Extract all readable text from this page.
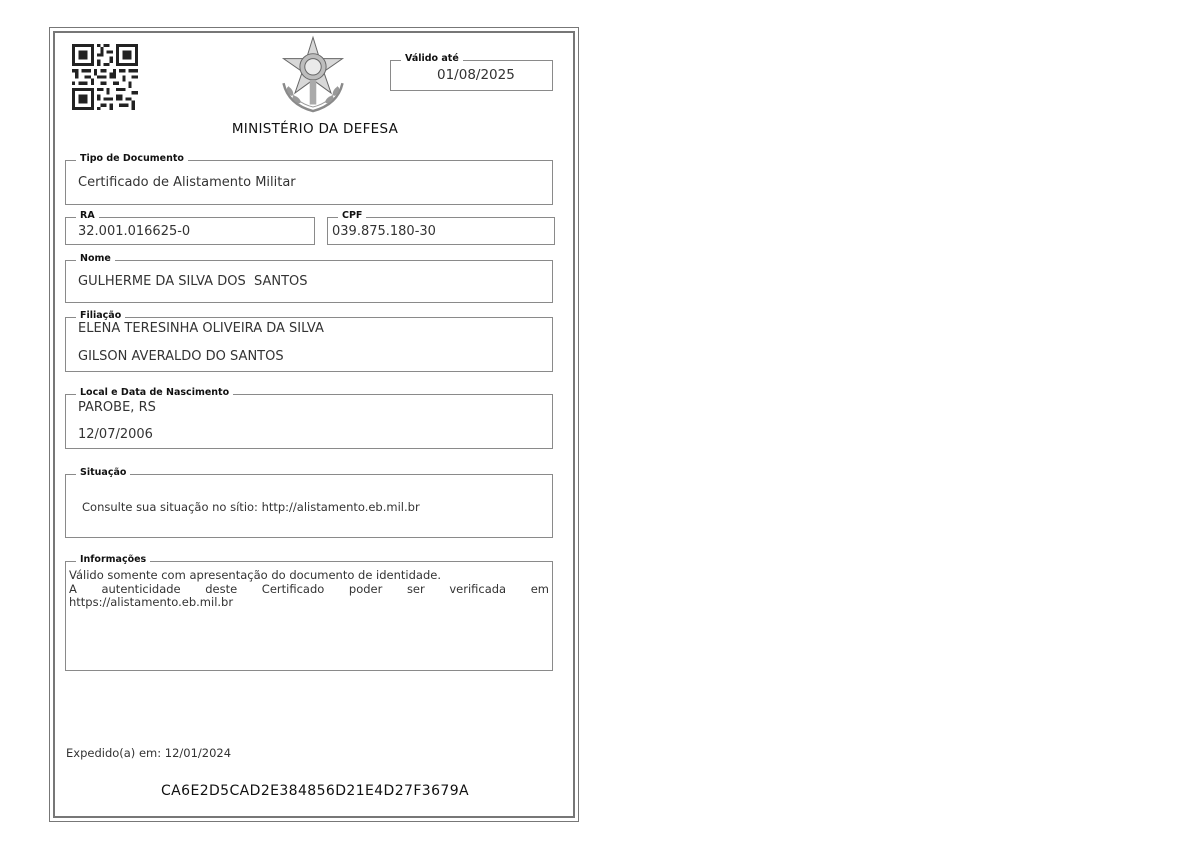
Válido até
01/08/2025
MINISTÉRIO DA DEFESA
Tipo de Documento
Certificado de Alistamento Militar
RA
32.001.016625-0
CPF
039.875.180-30
Nome
GULHERME DA SILVA DOS  SANTOS
Filiação
ELENA TERESINHA OLIVEIRA DA SILVA
GILSON AVERALDO DO SANTOS
Local e Data de Nascimento
PAROBE, RS
12/07/2006
Situação
Consulte sua situação no sítio: http://alistamento.eb.mil.br
Informações
Válido somente com apresentação do documento de identidade.
A autenticidade deste Certificado poder ser verificada em https://alistamento.eb.mil.br
Expedido(a) em: 12/01/2024
CA6E2D5CAD2E384856D21E4D27F3679A
